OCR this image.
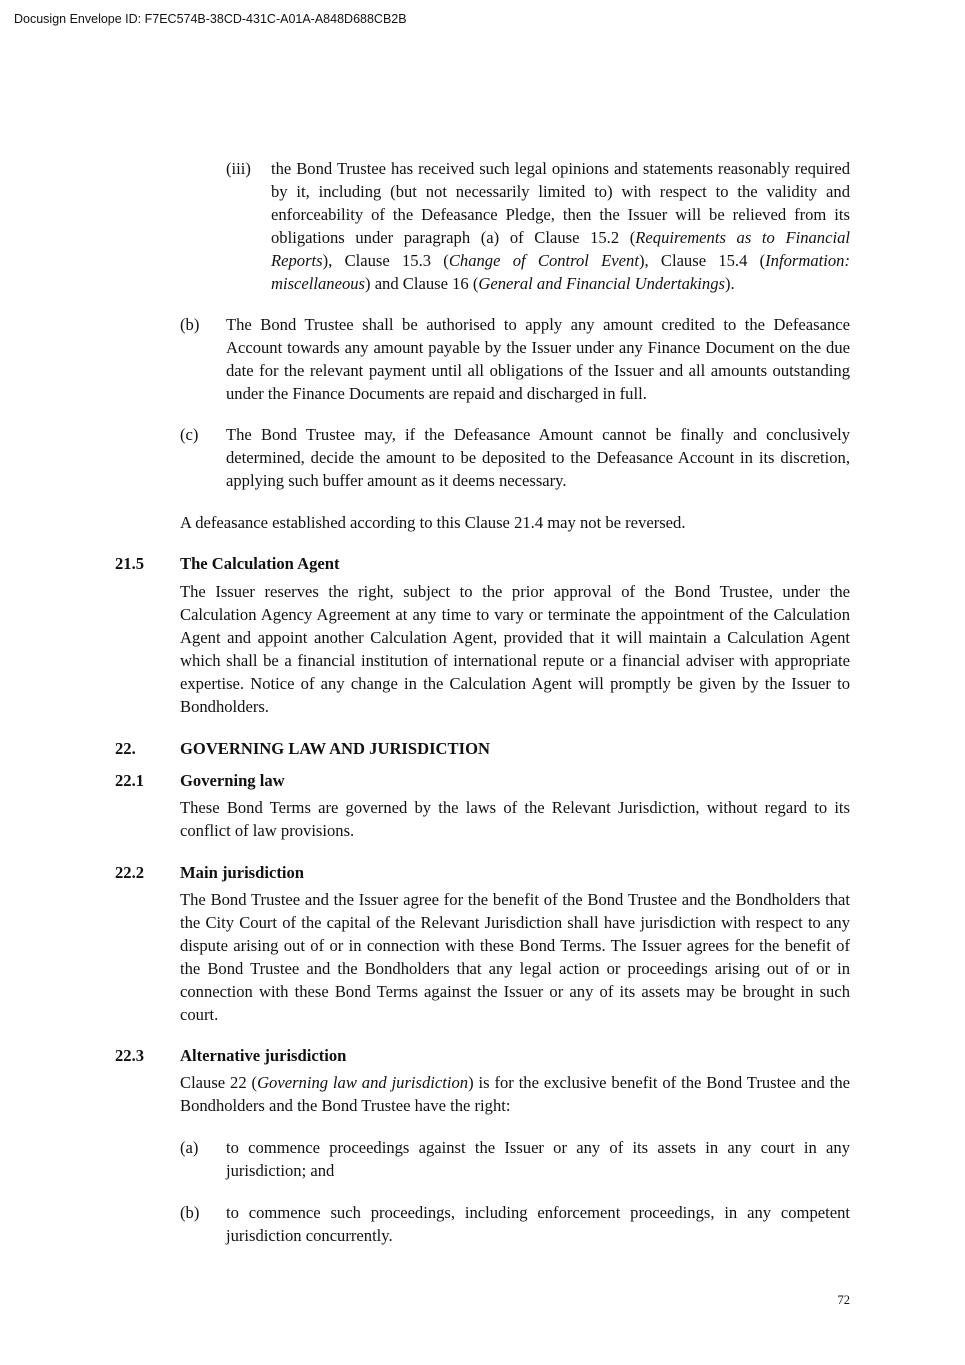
Docusign Envelope ID: F7EC574B-38CD-431C-A01A-A848D688CB2B
(iii) the Bond Trustee has received such legal opinions and statements reasonably required by it, including (but not necessarily limited to) with respect to the validity and enforceability of the Defeasance Pledge, then the Issuer will be relieved from its obligations under paragraph (a) of Clause 15.2 (Requirements as to Financial Reports), Clause 15.3 (Change of Control Event), Clause 15.4 (Information: miscellaneous) and Clause 16 (General and Financial Undertakings).

(b) The Bond Trustee shall be authorised to apply any amount credited to the Defeasance Account towards any amount payable by the Issuer under any Finance Document on the due date for the relevant payment until all obligations of the Issuer and all amounts outstanding under the Finance Documents are repaid and discharged in full.

(c) The Bond Trustee may, if the Defeasance Amount cannot be finally and conclusively determined, decide the amount to be deposited to the Defeasance Account in its discretion, applying such buffer amount as it deems necessary.

A defeasance established according to this Clause 21.4 may not be reversed.

21.5 The Calculation Agent

The Issuer reserves the right, subject to the prior approval of the Bond Trustee, under the Calculation Agency Agreement at any time to vary or terminate the appointment of the Calculation Agent and appoint another Calculation Agent, provided that it will maintain a Calculation Agent which shall be a financial institution of international repute or a financial adviser with appropriate expertise. Notice of any change in the Calculation Agent will promptly be given by the Issuer to Bondholders.

22.	GOVERNING LAW AND JURISDICTION
22.1 Governing law

These Bond Terms are governed by the laws of the Relevant Jurisdiction, without regard to its conflict of law provisions.

22.2 Main jurisdiction

The Bond Trustee and the Issuer agree for the benefit of the Bond Trustee and the Bondholders that the City Court of the capital of the Relevant Jurisdiction shall have jurisdiction with respect to any dispute arising out of or in connection with these Bond Terms. The Issuer agrees for the benefit of the Bond Trustee and the Bondholders that any legal action or proceedings arising out of or in connection with these Bond Terms against the Issuer or any of its assets may be brought in such court.

22.3 Alternative jurisdiction

Clause 22 (Governing law and jurisdiction) is for the exclusive benefit of the Bond Trustee and the Bondholders and the Bond Trustee have the right:

(a) to commence proceedings against the Issuer or any of its assets in any court in any jurisdiction; and

(b) to commence such proceedings, including enforcement proceedings, in any competent jurisdiction concurrently.

72
